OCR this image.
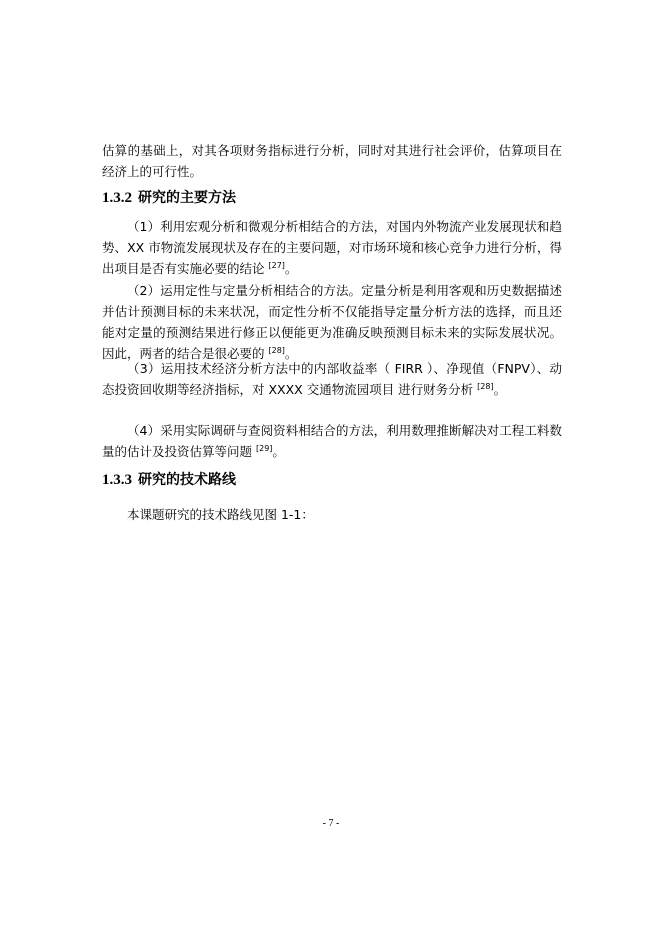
估算的基础上，对其各项财务指标进行分析，同时对其进行社会评价，估算项目在经济上的可行性。

1.3.2 研究的主要方法

（1）利用宏观分析和微观分析相结合的方法，对国内外物流产业发展现状和趋势、XX 市物流发展现状及存在的主要问题，对市场环境和核心竞争力进行分析，得出项目是否有实施必要的结论 [27]。

（2）运用定性与定量分析相结合的方法。定量分析是利用客观和历史数据描述并估计预测目标的未来状况，而定性分析不仅能指导定量分析方法的选择，而且还能对定量的预测结果进行修正以便能更为准确反映预测目标未来的实际发展状况。因此，两者的结合是很必要的 [28]。

（3）运用技术经济分析方法中的内部收益率（ FIRR ）、净现值（FNPV）、动态投资回收期等经济指标，对 XXXX 交通物流园项目 进行财务分析 [28]。

（4）采用实际调研与查阅资料相结合的方法，利用数理推断解决对工程工料数量的估计及投资估算等问题 [29]。

1.3.3 研究的技术路线

本课题研究的技术路线见图 1-1：

- 7 -
